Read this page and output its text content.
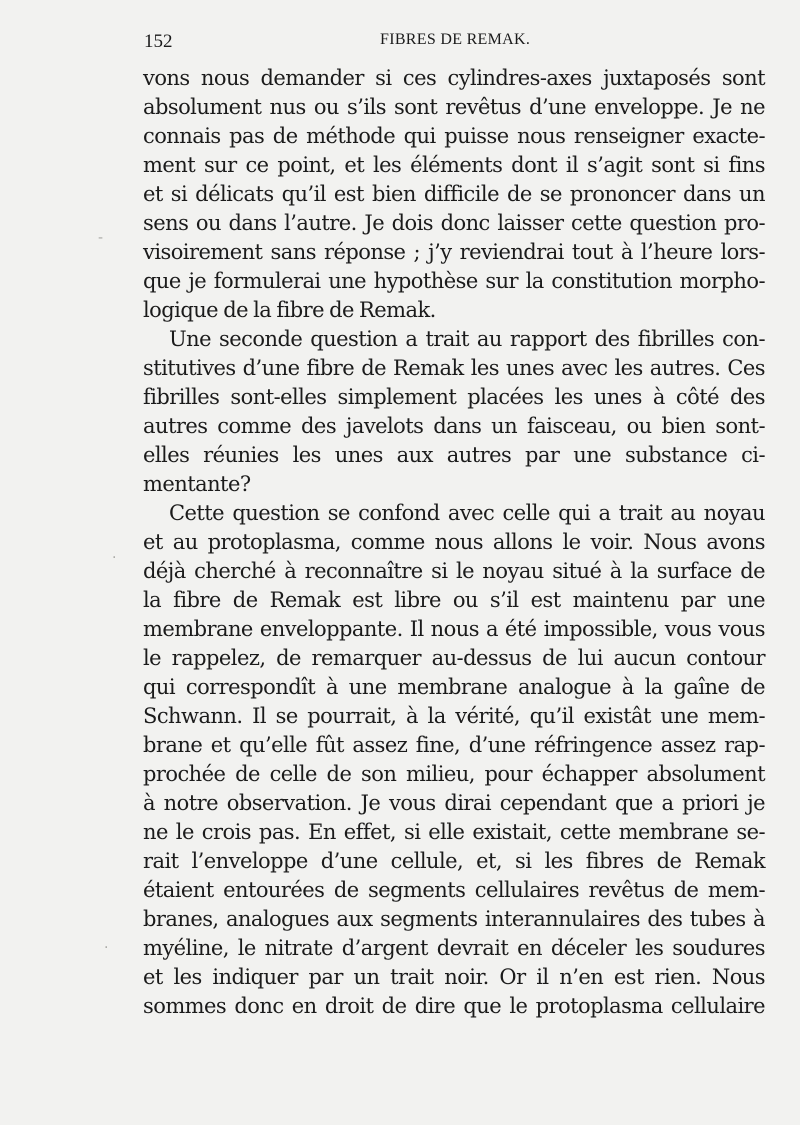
152	FIBRES DE REMAK.
vons nous demander si ces cylindres-axes juxtaposés sont
absolument nus ou s’ils sont revêtus d’une enveloppe. Je ne
connais pas de méthode qui puisse nous renseigner exacte-
ment sur ce point, et les éléments dont il s’agit sont si fins
et si délicats qu’il est bien difficile de se prononcer dans un
sens ou dans l’autre. Je dois donc laisser cette question pro-
visoirement sans réponse ; j’y reviendrai tout à l’heure lors-
que je formulerai une hypothèse sur la constitution morpho-
logique de la fibre de Remak.
Une seconde question a trait au rapport des fibrilles con-
stitutives d’une fibre de Remak les unes avec les autres. Ces
fibrilles sont-elles simplement placées les unes à côté des
autres comme des javelots dans un faisceau, ou bien sont-
elles réunies les unes aux autres par une substance ci-
mentante?
Cette question se confond avec celle qui a trait au noyau
et au protoplasma, comme nous allons le voir. Nous avons
déjà cherché à reconnaître si le noyau situé à la surface de
la fibre de Remak est libre ou s’il est maintenu par une
membrane enveloppante. Il nous a été impossible, vous vous
le rappelez, de remarquer au-dessus de lui aucun contour
qui correspondît à une membrane analogue à la gaîne de
Schwann. Il se pourrait, à la vérité, qu’il existât une mem-
brane et qu’elle fût assez fine, d’une réfringence assez rap-
prochée de celle de son milieu, pour échapper absolument
à notre observation. Je vous dirai cependant que a priori je
ne le crois pas. En effet, si elle existait, cette membrane se-
rait l’enveloppe d’une cellule, et, si les fibres de Remak
étaient entourées de segments cellulaires revêtus de mem-
branes, analogues aux segments interannulaires des tubes à
myéline, le nitrate d’argent devrait en déceler les soudures
et les indiquer par un trait noir. Or il n’en est rien. Nous
sommes donc en droit de dire que le protoplasma cellulaire
-
.
.
